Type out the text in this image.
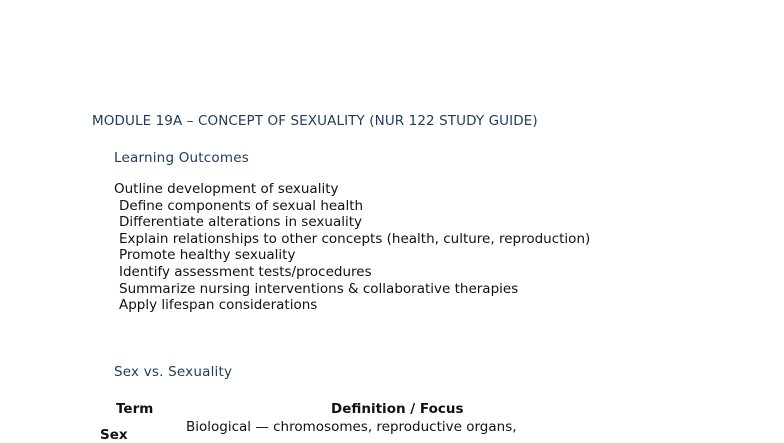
MODULE 19A – CONCEPT OF SEXUALITY (NUR 122 STUDY GUIDE)
Learning Outcomes
Outline development of sexuality
Define components of sexual health
Differentiate alterations in sexuality
Explain relationships to other concepts (health, culture, reproduction)
Promote healthy sexuality
Identify assessment tests/procedures
Summarize nursing interventions & collaborative therapies
Apply lifespan considerations
Sex vs. Sexuality
Term	Definition / Focus
Sex	Biological — chromosomes, reproductive organs,
